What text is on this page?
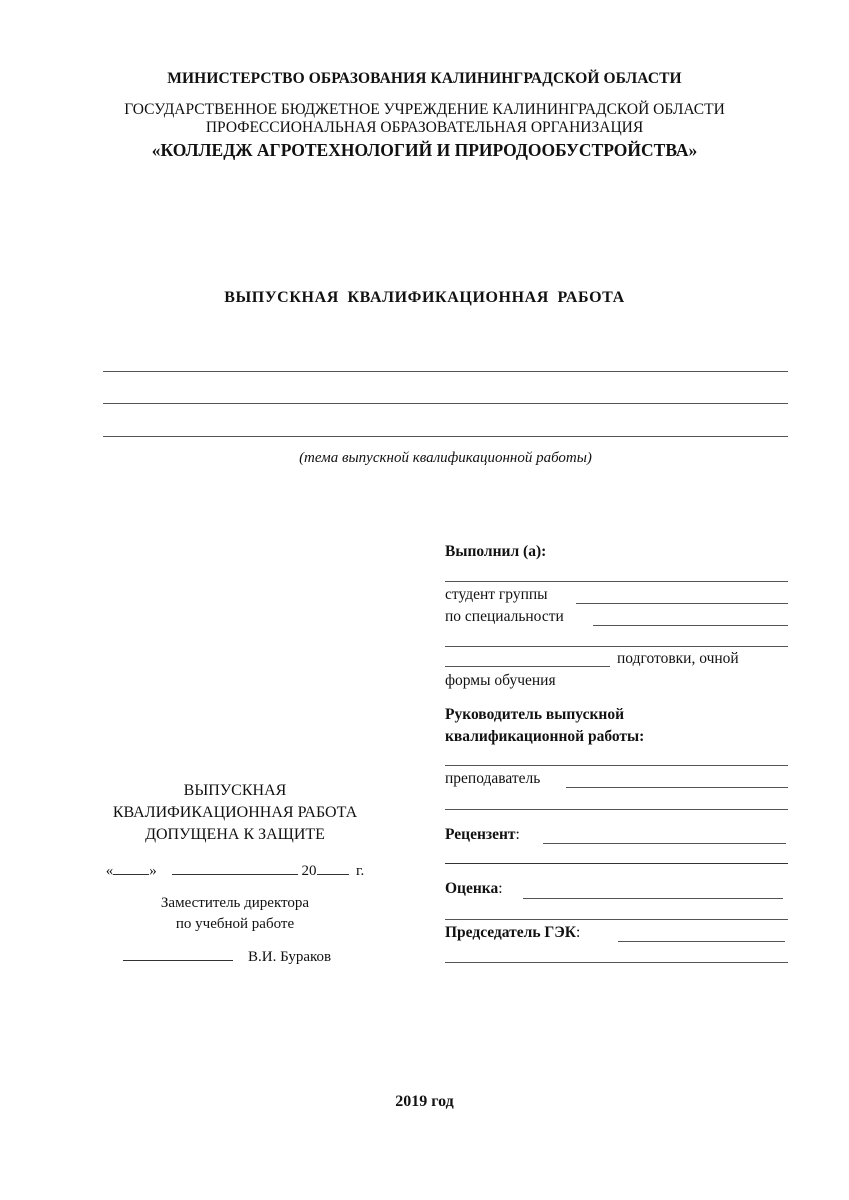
МИНИСТЕРСТВО ОБРАЗОВАНИЯ КАЛИНИНГРАДСКОЙ ОБЛАСТИ
ГОСУДАРСТВЕННОЕ БЮДЖЕТНОЕ УЧРЕЖДЕНИЕ КАЛИНИНГРАДСКОЙ ОБЛАСТИ
ПРОФЕССИОНАЛЬНАЯ ОБРАЗОВАТЕЛЬНАЯ ОРГАНИЗАЦИЯ
«КОЛЛЕДЖ АГРОТЕХНОЛОГИЙ И ПРИРОДООБУСТРОЙСТВА»
ВЫПУСКНАЯ КВАЛИФИКАЦИОННАЯ РАБОТА
(тема выпускной квалификационной работы)
Выполнил (а):
студент группы
по специальности
подготовки, очной
формы обучения
Руководитель выпускной
квалификационной работы:
преподаватель
Рецензент:
Оценка:
Председатель ГЭК:
ВЫПУСКНАЯ
КВАЛИФИКАЦИОННАЯ РАБОТА
ДОПУЩЕНА К ЗАЩИТЕ
« »	20	г.
Заместитель директора
по учебной работе
В.И. Бураков
2019 год
